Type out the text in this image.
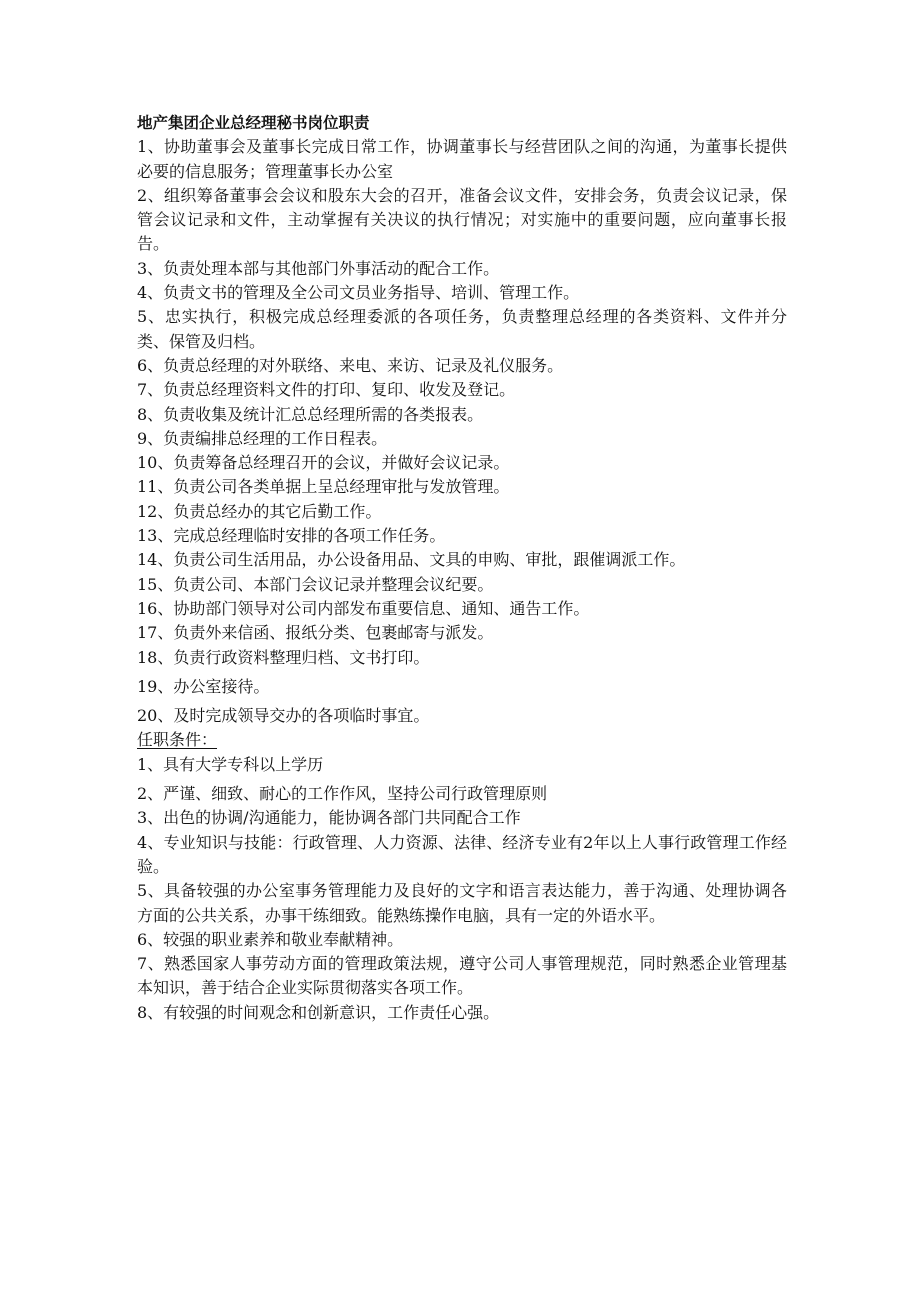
地产集团企业总经理秘书岗位职责

1、协助董事会及董事长完成日常工作，协调董事长与经营团队之间的沟通，为董事长提供必要的信息服务；管理董事长办公室

2、组织筹备董事会会议和股东大会的召开，准备会议文件，安排会务，负责会议记录，保管会议记录和文件，主动掌握有关决议的执行情况；对实施中的重要问题，应向董事长报告。

3、负责处理本部与其他部门外事活动的配合工作。

4、负责文书的管理及全公司文员业务指导、培训、管理工作。

5、忠实执行，积极完成总经理委派的各项任务，负责整理总经理的各类资料、文件并分类、保管及归档。

6、负责总经理的对外联络、来电、来访、记录及礼仪服务。

7、负责总经理资料文件的打印、复印、收发及登记。

8、负责收集及统计汇总总经理所需的各类报表。

9、负责编排总经理的工作日程表。

10、负责筹备总经理召开的会议，并做好会议记录。

11、负责公司各类单据上呈总经理审批与发放管理。

12、负责总经办的其它后勤工作。

13、完成总经理临时安排的各项工作任务。

14、负责公司生活用品，办公设备用品、文具的申购、审批，跟催调派工作。

15、负责公司、本部门会议记录并整理会议纪要。

16、协助部门领导对公司内部发布重要信息、通知、通告工作。

17、负责外来信函、报纸分类、包裹邮寄与派发。

18、负责行政资料整理归档、文书打印。

19、办公室接待。

20、及时完成领导交办的各项临时事宜。

任职条件：

1、具有大学专科以上学历

2、严谨、细致、耐心的工作作风，坚持公司行政管理原则

3、出色的协调/沟通能力，能协调各部门共同配合工作

4、专业知识与技能：行政管理、人力资源、法律、经济专业有2年以上人事行政管理工作经验。

5、具备较强的办公室事务管理能力及良好的文字和语言表达能力，善于沟通、处理协调各方面的公共关系，办事干练细致。能熟练操作电脑，具有一定的外语水平。

6、较强的职业素养和敬业奉献精神。

7、熟悉国家人事劳动方面的管理政策法规，遵守公司人事管理规范，同时熟悉企业管理基本知识，善于结合企业实际贯彻落实各项工作。

8、有较强的时间观念和创新意识，工作责任心强。
